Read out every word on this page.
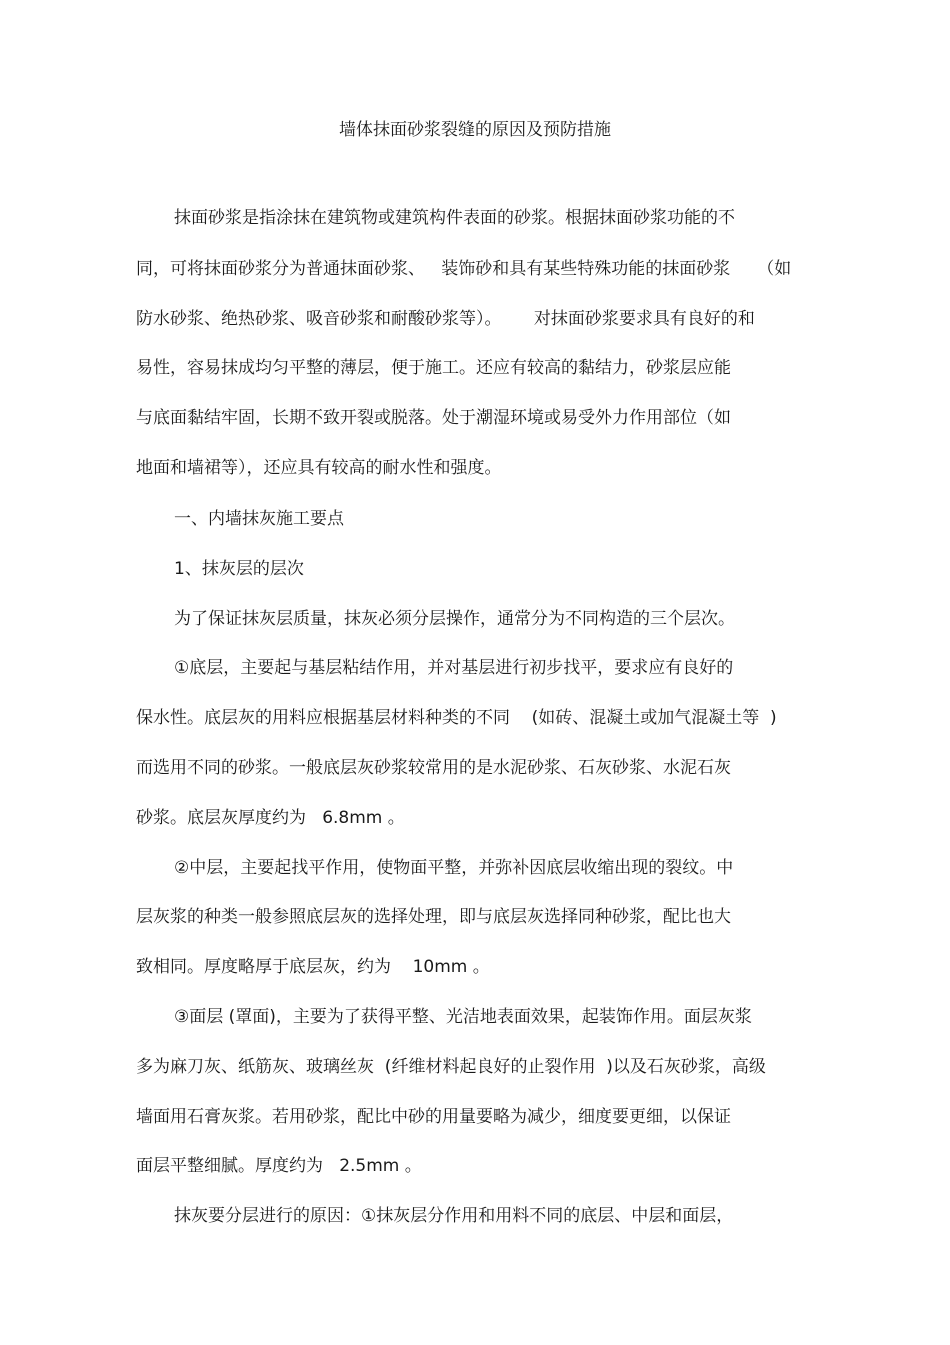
墙体抹面砂浆裂缝的原因及预防措施

抹面砂浆是指涂抹在建筑物或建筑构件表面的砂浆。根据抹面砂浆功能的不

同，可将抹面砂浆分为普通抹面砂浆、   装饰砂和具有某些特殊功能的抹面砂浆     （如

防水砂浆、绝热砂浆、吸音砂浆和耐酸砂浆等）。      对抹面砂浆要求具有良好的和

易性，容易抹成均匀平整的薄层，便于施工。还应有较高的黏结力，砂浆层应能

与底面黏结牢固，长期不致开裂或脱落。处于潮湿环境或易受外力作用部位（如

地面和墙裙等），还应具有较高的耐水性和强度。

一、内墙抹灰施工要点

1、抹灰层的层次

为了保证抹灰层质量，抹灰必须分层操作，通常分为不同构造的三个层次。

①底层，主要起与基层粘结作用，并对基层进行初步找平，要求应有良好的

保水性。底层灰的用料应根据基层材料种类的不同    (如砖、混凝土或加气混凝土等  )

而选用不同的砂浆。一般底层灰砂浆较常用的是水泥砂浆、石灰砂浆、水泥石灰

砂浆。底层灰厚度约为   6.8mm 。

②中层，主要起找平作用，使物面平整，并弥补因底层收缩出现的裂纹。中

层灰浆的种类一般参照底层灰的选择处理，即与底层灰选择同种砂浆，配比也大

致相同。厚度略厚于底层灰，约为    10mm 。

③面层 (罩面)，主要为了获得平整、光洁地表面效果，起装饰作用。面层灰浆

多为麻刀灰、纸筋灰、玻璃丝灰  (纤维材料起良好的止裂作用  )以及石灰砂浆，高级

墙面用石膏灰浆。若用砂浆，配比中砂的用量要略为减少，细度要更细，以保证

面层平整细腻。厚度约为   2.5mm 。

抹灰要分层进行的原因：①抹灰层分作用和用料不同的底层、中层和面层，
